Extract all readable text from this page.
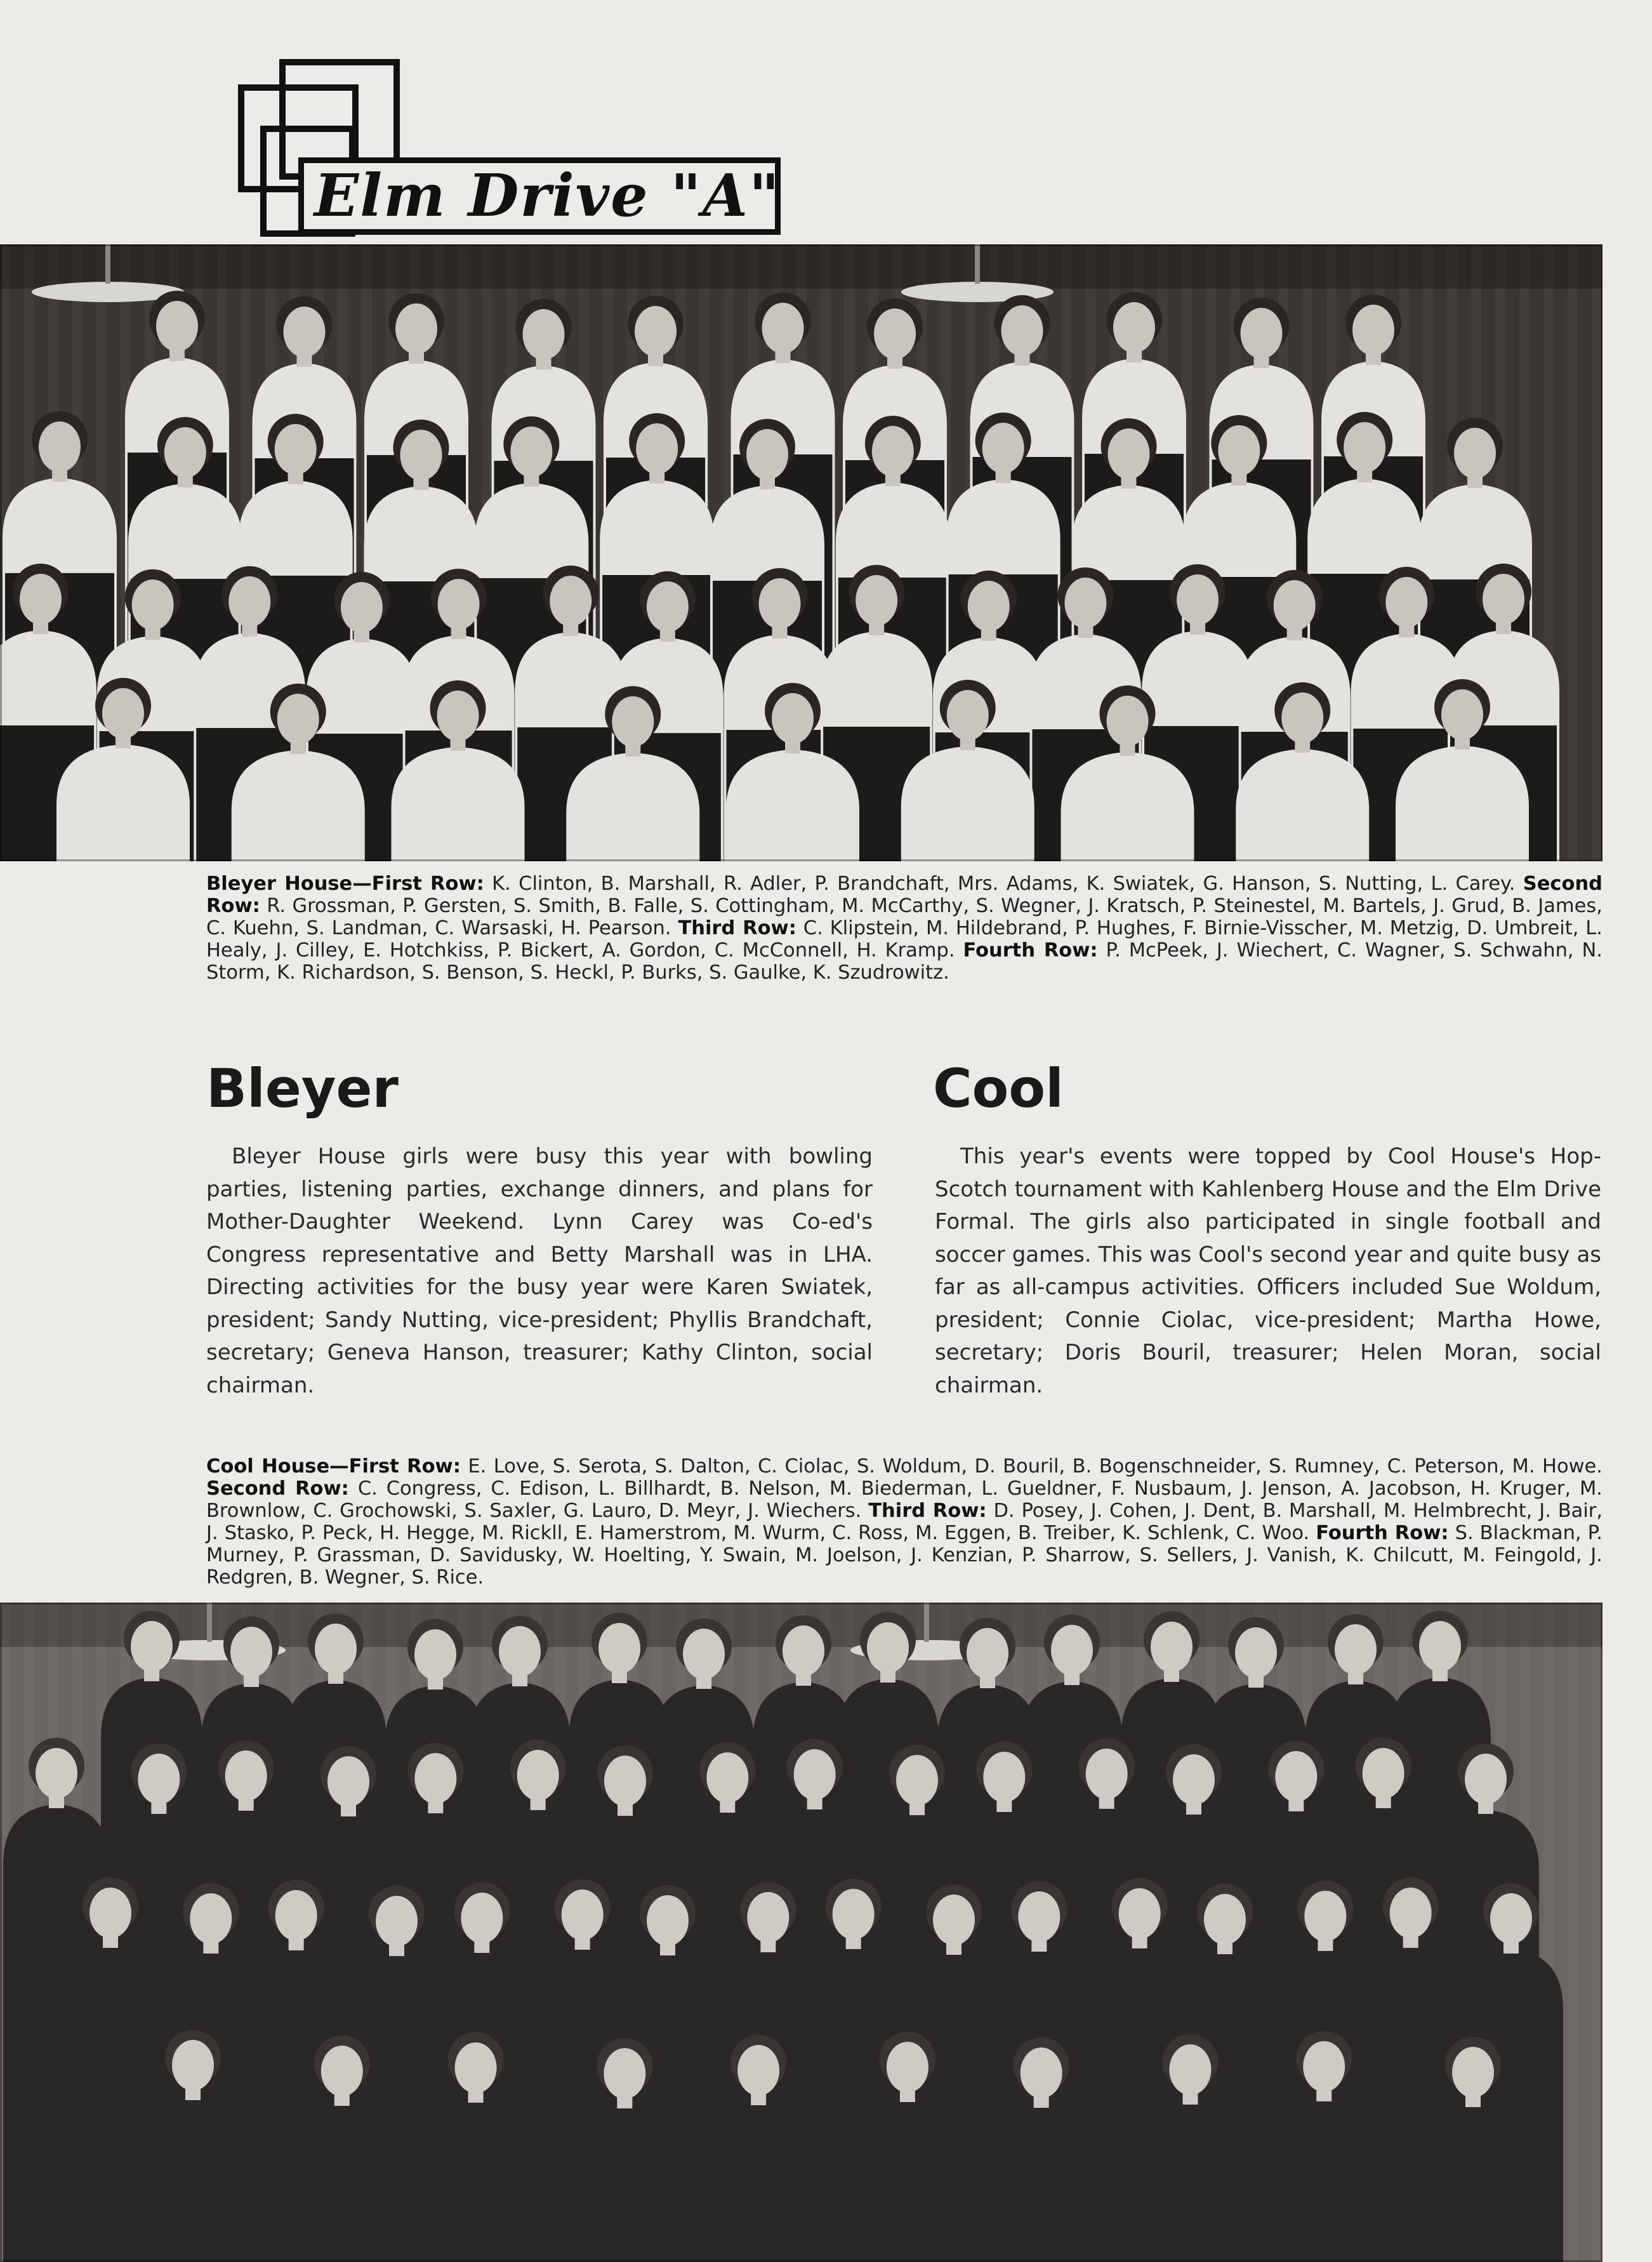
Elm Drive "A"
Bleyer House—First Row: K. Clinton, B. Marshall, R. Adler, P. Brandchaft, Mrs. Adams, K. Swiatek, G. Hanson, S. Nutting, L. Carey. Second Row: R. Grossman, P. Gersten, S. Smith, B. Falle, S. Cottingham, M. McCarthy, S. Wegner, J. Kratsch, P. Steinestel, M. Bartels, J. Grud, B. James, C. Kuehn, S. Landman, C. Warsaski, H. Pearson. Third Row: C. Klipstein, M. Hildebrand, P. Hughes, F. Birnie-Visscher, M. Metzig, D. Umbreit, L. Healy, J. Cilley, E. Hotchkiss, P. Bickert, A. Gordon, C. McConnell, H. Kramp. Fourth Row: P. McPeek, J. Wiechert, C. Wagner, S. Schwahn, N. Storm, K. Richardson, S. Benson, S. Heckl, P. Burks, S. Gaulke, K. Szudrowitz.
Bleyer	Cool

Bleyer House girls were busy this year with bowling parties, listening parties, exchange dinners, and plans for Mother-Daughter Weekend. Lynn Carey was Co-ed's Congress representative and Betty Marshall was in LHA. Directing activities for the busy year were Karen Swiatek, president; Sandy Nutting, vice-president; Phyllis Brandchaft, secretary; Geneva Hanson, treasurer; Kathy Clinton, social chairman.

This year's events were topped by Cool House's Hop-Scotch tournament with Kahlenberg House and the Elm Drive Formal. The girls also participated in single football and soccer games. This was Cool's second year and quite busy as far as all-campus activities. Officers included Sue Woldum, president; Connie Ciolac, vice-president; Martha Howe, secretary; Doris Bouril, treasurer; Helen Moran, social chairman.

Cool House—First Row: E. Love, S. Serota, S. Dalton, C. Ciolac, S. Woldum, D. Bouril, B. Bogenschneider, S. Rumney, C. Peterson, M. Howe. Second Row: C. Congress, C. Edison, L. Billhardt, B. Nelson, M. Biederman, L. Gueldner, F. Nusbaum, J. Jenson, A. Jacobson, H. Kruger, M. Brownlow, C. Grochowski, S. Saxler, G. Lauro, D. Meyr, J. Wiechers. Third Row: D. Posey, J. Cohen, J. Dent, B. Marshall, M. Helmbrecht, J. Bair, J. Stasko, P. Peck, H. Hegge, M. Rickll, E. Hamerstrom, M. Wurm, C. Ross, M. Eggen, B. Treiber, K. Schlenk, C. Woo. Fourth Row: S. Blackman, P. Murney, P. Grassman, D. Savidusky, W. Hoelting, Y. Swain, M. Joelson, J. Kenzian, P. Sharrow, S. Sellers, J. Vanish, K. Chilcutt, M. Feingold, J. Redgren, B. Wegner, S. Rice.
